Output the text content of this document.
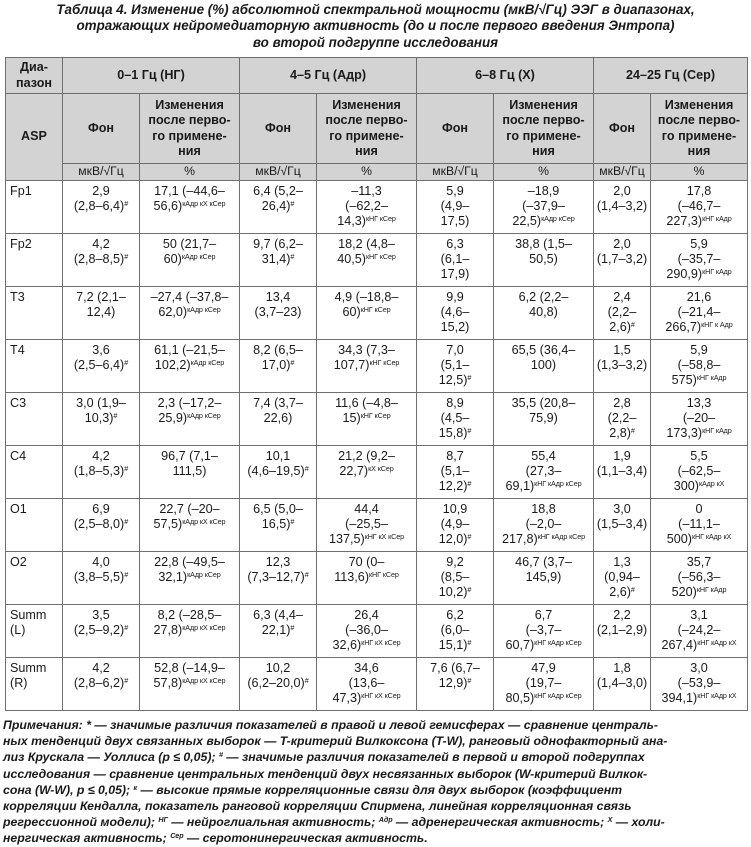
Таблица 4. Изменение (%) абсолютной спектральной мощности (мкВ/√Гц) ЭЭГ в диапазонах,
отражающих нейромедиаторную активность (до и после первого введения Энтропа)
во второй подгруппе исследования
Диа-
пазон	0–1 Гц (НГ)		4–5 Гц (Адр)		6–8 Гц (Х)		24–25 Гц (Сер)	
ASP	Фон	Изменения
после перво-
го примене-
ния	Фон	Изменения
после перво-
го примене-
ния	Фон	Изменения
после перво-
го примене-
ния	Фон	Изменения
после перво-
го примене-
ния

	мкВ/√Гц	%	мкВ/√Гц	%	мкВ/√Гц	%	мкВ/√Гц	%

Fp1	2,9
(2,8–6,4)#	17,1 (–44,6–
56,6)$^{кАдр кХ кСер}$	6,4 (5,2–
26,4)#	–11,3
(–62,2–
14,3)$^{кНГ кСер}$	5,9
(4,9–
17,5)	–18,9
(–37,9–
22,5)$^{кАдр кСер}$	2,0
(1,4–3,2)	17,8
(–46,7–
227,3)$^{кНГ кАдр}$

Fp2	4,2
(2,8–8,5)#	50 (21,7–
60)$^{кАдр кСер}$	9,7 (6,2–
31,4)#	18,2 (4,8–
40,5)$^{кНГ кСер}$	6,3
(6,1–
17,9)	38,8 (1,5–
50,5)	2,0
(1,7–3,2)	5,9
(–35,7–
290,9)$^{кНГ кАдр}$

T3	7,2 (2,1–
12,4)	–27,4 (–37,8–
62,0)$^{кАдр кСер}$	13,4
(3,7–23)	4,9 (–18,8–
60)$^{кНГ кСер}$	9,9
(4,6–
15,2)	6,2 (2,2–
40,8)	2,4
(2,2–
2,6)#	21,6
(–21,4–
266,7)$^{кНГ к Адр}$

T4	3,6
(2,5–6,4)#	61,1 (–21,5–
102,2)$^{кАдр кСер}$	8,2 (6,5–
17,0)#	34,3 (7,3–
107,7)$^{кНГ кСер}$	7,0
(5,1–
12,5)#	65,5 (36,4–
100)	1,5
(1,3–3,2)	5,9
(–58,8–
575)$^{кНГ кАдр}$

C3	3,0 (1,9–
10,3)#	2,3 (–17,2–
25,9)$^{кАдр кСер}$	7,4 (3,7–
22,6)	11,6 (–4,8–
15)$^{кНГ кСер}$	8,9
(4,5–
15,8)#	35,5 (20,8–
75,9)	2,8
(2,2–
2,8)#	13,3
(–20–
173,3)$^{кНГ кАдр}$

C4	4,2
(1,8–5,3)#	96,7 (7,1–
111,5)	10,1
(4,6–19,5)#	21,2 (9,2–
22,7)$^{кХ кСер}$	8,7
(5,1–
12,2)#	55,4
(27,3–
69,1)$^{кНГ кАдр кСер}$	1,9
(1,1–3,4)	5,5
(–62,5–
300)$^{кАдр кХ}$

O1	6,9
(2,5–8,0)#	22,7 (–20–
57,5)$^{кАдр кХ кСер}$	6,5 (5,0–
16,5)#	44,4
(–25,5–
137,5)$^{кНГ кХ кСер}$	10,9
(4,9–
12,0)#	18,8
(–2,0–
217,8)$^{кНГ кАдр кСер}$	3,0
(1,5–3,4)	0
(–11,1–
500)$^{кНГ кАдр кХ}$

O2	4,0
(3,8–5,5)#	22,8 (–49,5–
32,1)$^{кАдр кСер}$	12,3
(7,3–12,7)#	70 (0–
113,6)$^{кНГ кСер}$	9,2
(8,5–
10,2)#	46,7 (3,7–
145,9)	1,3
(0,94–
2,6)#	35,7
(–56,3–
520)$^{кНГ кАдр}$

Summ
(L)	3,5
(2,5–9,2)#	8,2 (–28,5–
27,8)$^{кАдр кХ кСер}$	6,3 (4,4–
22,1)#	26,4
(–36,0–
32,6)$^{кНГ кХ кСер}$	6,2
(6,0–
15,1)#	6,7
(–3,7–
60,7)$^{кНГ кАдр кСер}$	2,2
(2,1–2,9)	3,1
(–24,2–
267,4)$^{кНГ кАдр кХ}$

Summ
(R)	4,2
(2,8–6,2)#	52,8 (–14,9–
57,8)$^{кАдр кХ кСер}$	10,2
(6,2–20,0)#	34,6
(13,6–
47,3)$^{кНГ кХ кСер}$	7,6 (6,7–
12,9)#	47,9
(19,7–
80,5)$^{кНГ кАдр кСер}$	1,8
(1,4–3,0)	3,0
(–53,9–
394,1)$^{кНГ кАдр кХ}$
Примечания: * — значимые различия показателей в правой и левой гемисферах — сравнение централь-
ных тенденций двух связанных выборок — T-критерий Вилкоксона (T-W), ранговый однофакторный ана-
лиз Крускала — Уоллиса (p ≤ 0,05); # — значимые различия показателей в первой и второй подгруппах
исследования — сравнение центральных тенденций двух несвязанных выборок (W-критерий Вилкок-
сона (W-W), p ≤ 0,05); $^к$ — высокие прямые корреляционные связи для двух выборок (коэффициент
корреляции Кендалла, показатель ранговой корреляции Спирмена, линейная корреляционная связь
регрессионной модели); $^{НГ}$ — нейроглиальная активность; $^{Адр}$ — адренергическая активность; $^Х$ — холи-
нергическая активность; $^{Сер}$ — серотонинергическая активность.
